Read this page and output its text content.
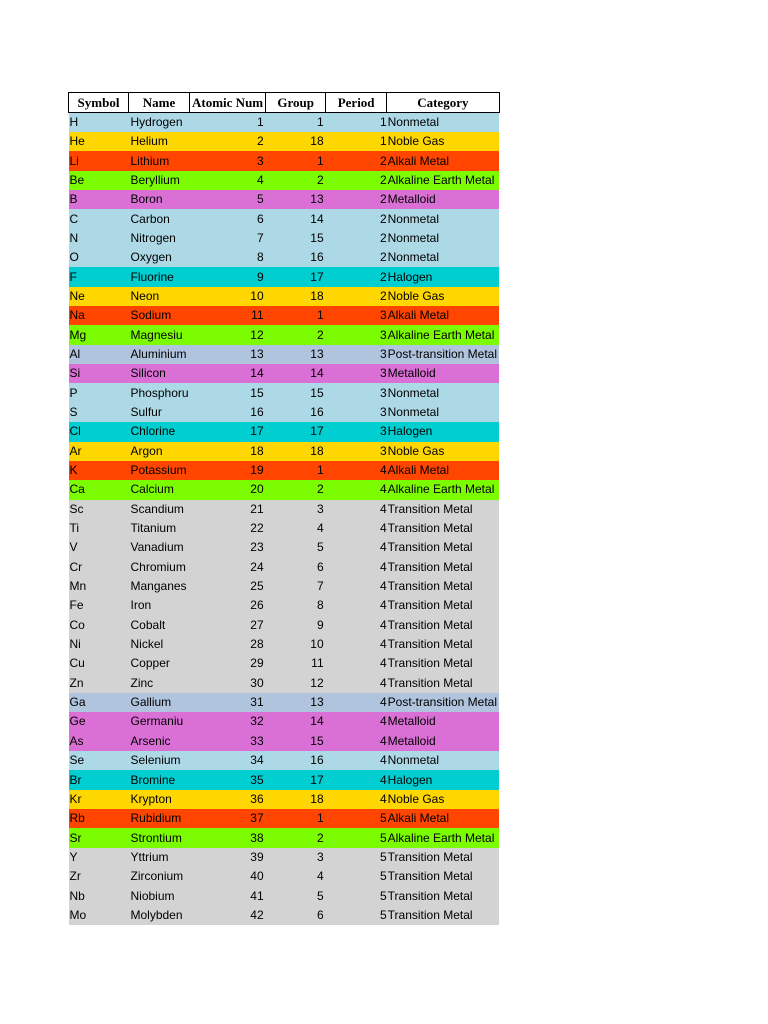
Symbol	Name	Atomic Num	Group	Period	Category
H	Hydrogen	1	1	1	Nonmetal
He	Helium	2	18	1	Noble Gas
Li	Lithium	3	1	2	Alkali Metal
Be	Beryllium	4	2	2	Alkaline Earth Metal
B	Boron	5	13	2	Metalloid
C	Carbon	6	14	2	Nonmetal
N	Nitrogen	7	15	2	Nonmetal
O	Oxygen	8	16	2	Nonmetal
F	Fluorine	9	17	2	Halogen
Ne	Neon	10	18	2	Noble Gas
Na	Sodium	11	1	3	Alkali Metal
Mg	Magnesiu	12	2	3	Alkaline Earth Metal
Al	Aluminium	13	13	3	Post-transition Metal
Si	Silicon	14	14	3	Metalloid
P	Phosphoru	15	15	3	Nonmetal
S	Sulfur	16	16	3	Nonmetal
Cl	Chlorine	17	17	3	Halogen
Ar	Argon	18	18	3	Noble Gas
K	Potassium	19	1	4	Alkali Metal
Ca	Calcium	20	2	4	Alkaline Earth Metal
Sc	Scandium	21	3	4	Transition Metal
Ti	Titanium	22	4	4	Transition Metal
V	Vanadium	23	5	4	Transition Metal
Cr	Chromium	24	6	4	Transition Metal
Mn	Manganes	25	7	4	Transition Metal
Fe	Iron	26	8	4	Transition Metal
Co	Cobalt	27	9	4	Transition Metal
Ni	Nickel	28	10	4	Transition Metal
Cu	Copper	29	11	4	Transition Metal
Zn	Zinc	30	12	4	Transition Metal
Ga	Gallium	31	13	4	Post-transition Metal
Ge	Germaniu	32	14	4	Metalloid
As	Arsenic	33	15	4	Metalloid
Se	Selenium	34	16	4	Nonmetal
Br	Bromine	35	17	4	Halogen
Kr	Krypton	36	18	4	Noble Gas
Rb	Rubidium	37	1	5	Alkali Metal
Sr	Strontium	38	2	5	Alkaline Earth Metal
Y	Yttrium	39	3	5	Transition Metal
Zr	Zirconium	40	4	5	Transition Metal
Nb	Niobium	41	5	5	Transition Metal
Mo	Molybden	42	6	5	Transition Metal
